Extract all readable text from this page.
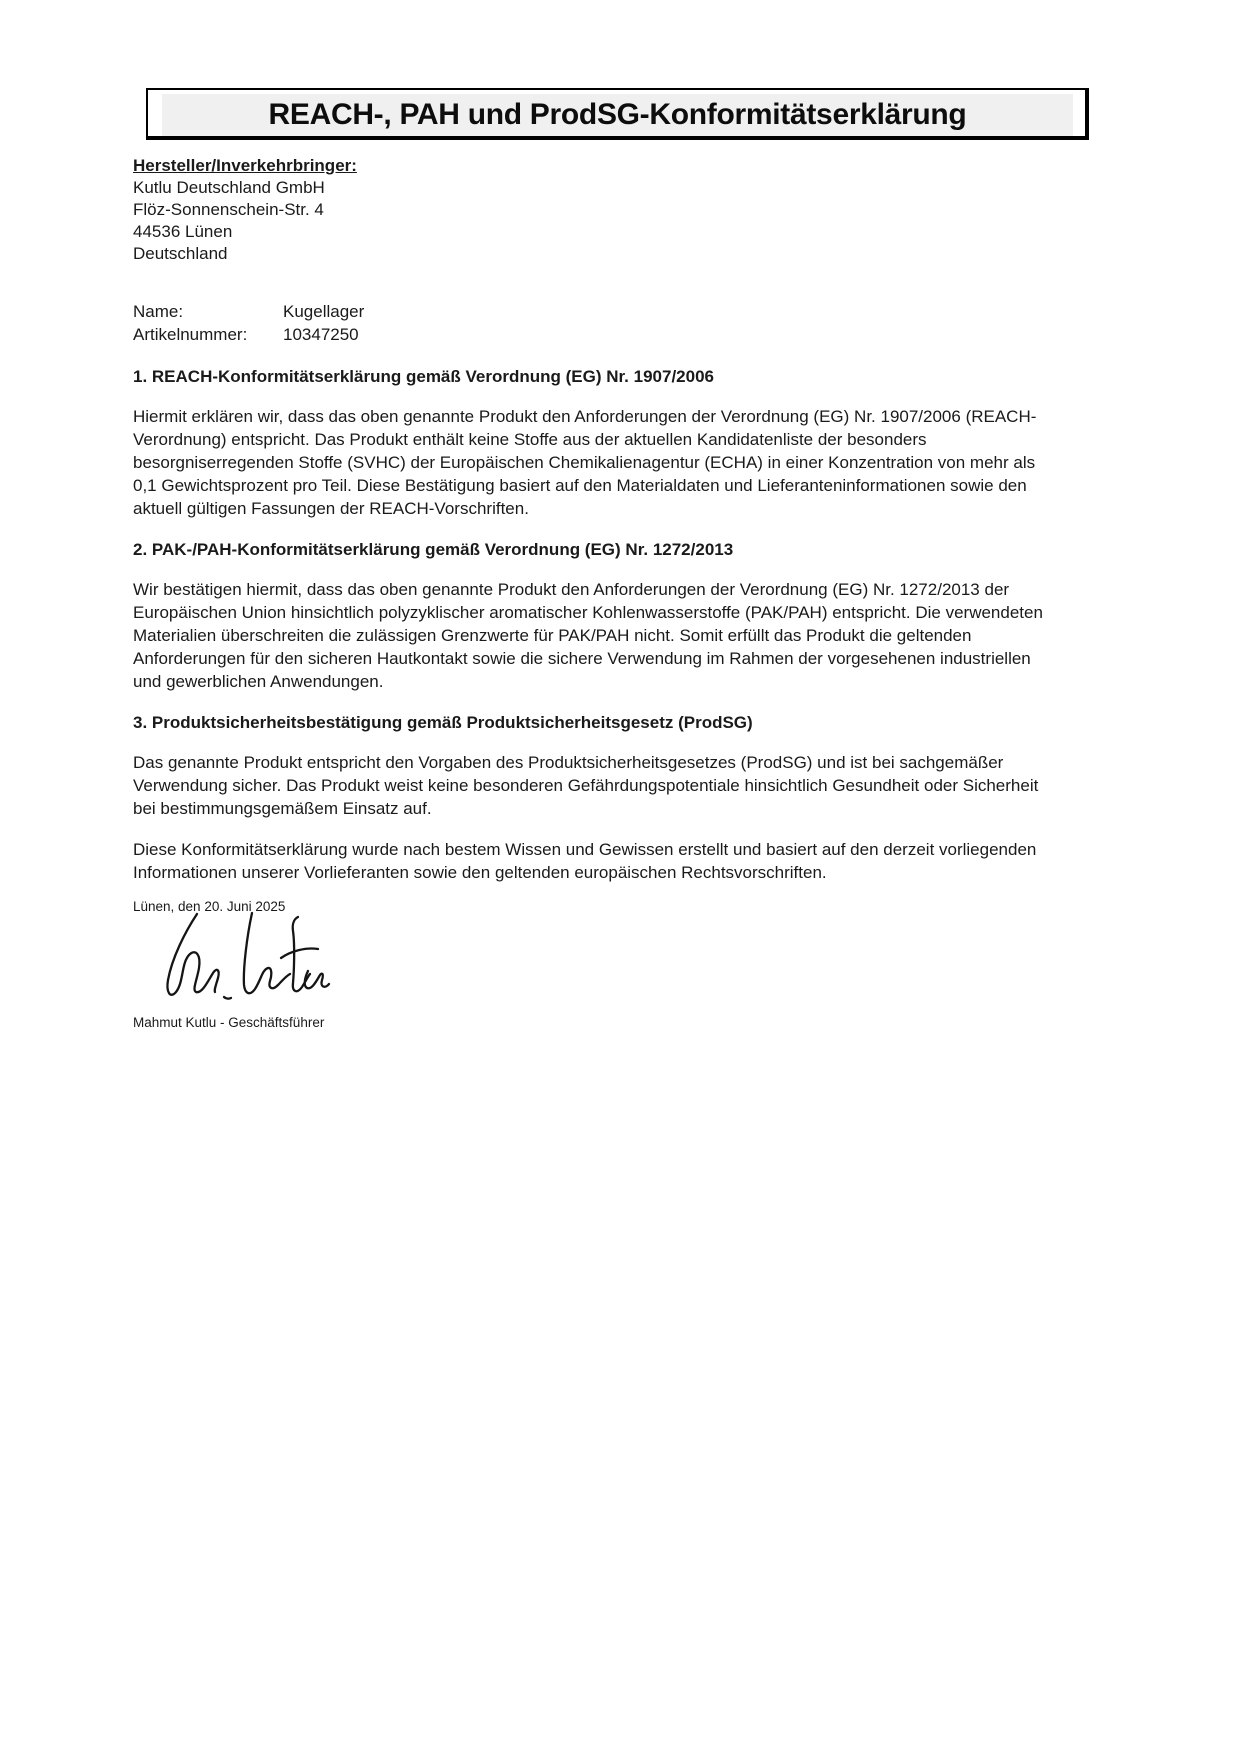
REACH-, PAH und ProdSG-Konformitätserklärung
Hersteller/Inverkehrbringer:
Kutlu Deutschland GmbH
Flöz-Sonnenschein-Str. 4
44536 Lünen
Deutschland
Name:	Kugellager
Artikelnummer:	10347250
1. REACH-Konformitätserklärung gemäß Verordnung (EG) Nr. 1907/2006
Hiermit erklären wir, dass das oben genannte Produkt den Anforderungen der Verordnung (EG) Nr. 1907/2006 (REACH-
Verordnung) entspricht. Das Produkt enthält keine Stoffe aus der aktuellen Kandidatenliste der besonders
besorgniserregenden Stoffe (SVHC) der Europäischen Chemikalienagentur (ECHA) in einer Konzentration von mehr als
0,1 Gewichtsprozent pro Teil. Diese Bestätigung basiert auf den Materialdaten und Lieferanteninformationen sowie den
aktuell gültigen Fassungen der REACH-Vorschriften.
2. PAK-/PAH-Konformitätserklärung gemäß Verordnung (EG) Nr. 1272/2013
Wir bestätigen hiermit, dass das oben genannte Produkt den Anforderungen der Verordnung (EG) Nr. 1272/2013 der
Europäischen Union hinsichtlich polyzyklischer aromatischer Kohlenwasserstoffe (PAK/PAH) entspricht. Die verwendeten
Materialien überschreiten die zulässigen Grenzwerte für PAK/PAH nicht. Somit erfüllt das Produkt die geltenden
Anforderungen für den sicheren Hautkontakt sowie die sichere Verwendung im Rahmen der vorgesehenen industriellen
und gewerblichen Anwendungen.
3. Produktsicherheitsbestätigung gemäß Produktsicherheitsgesetz (ProdSG)
Das genannte Produkt entspricht den Vorgaben des Produktsicherheitsgesetzes (ProdSG) und ist bei sachgemäßer
Verwendung sicher. Das Produkt weist keine besonderen Gefährdungspotentiale hinsichtlich Gesundheit oder Sicherheit
bei bestimmungsgemäßem Einsatz auf.
Diese Konformitätserklärung wurde nach bestem Wissen und Gewissen erstellt und basiert auf den derzeit vorliegenden
Informationen unserer Vorlieferanten sowie den geltenden europäischen Rechtsvorschriften.
Lünen, den 20. Juni 2025
Mahmut Kutlu - Geschäftsführer
